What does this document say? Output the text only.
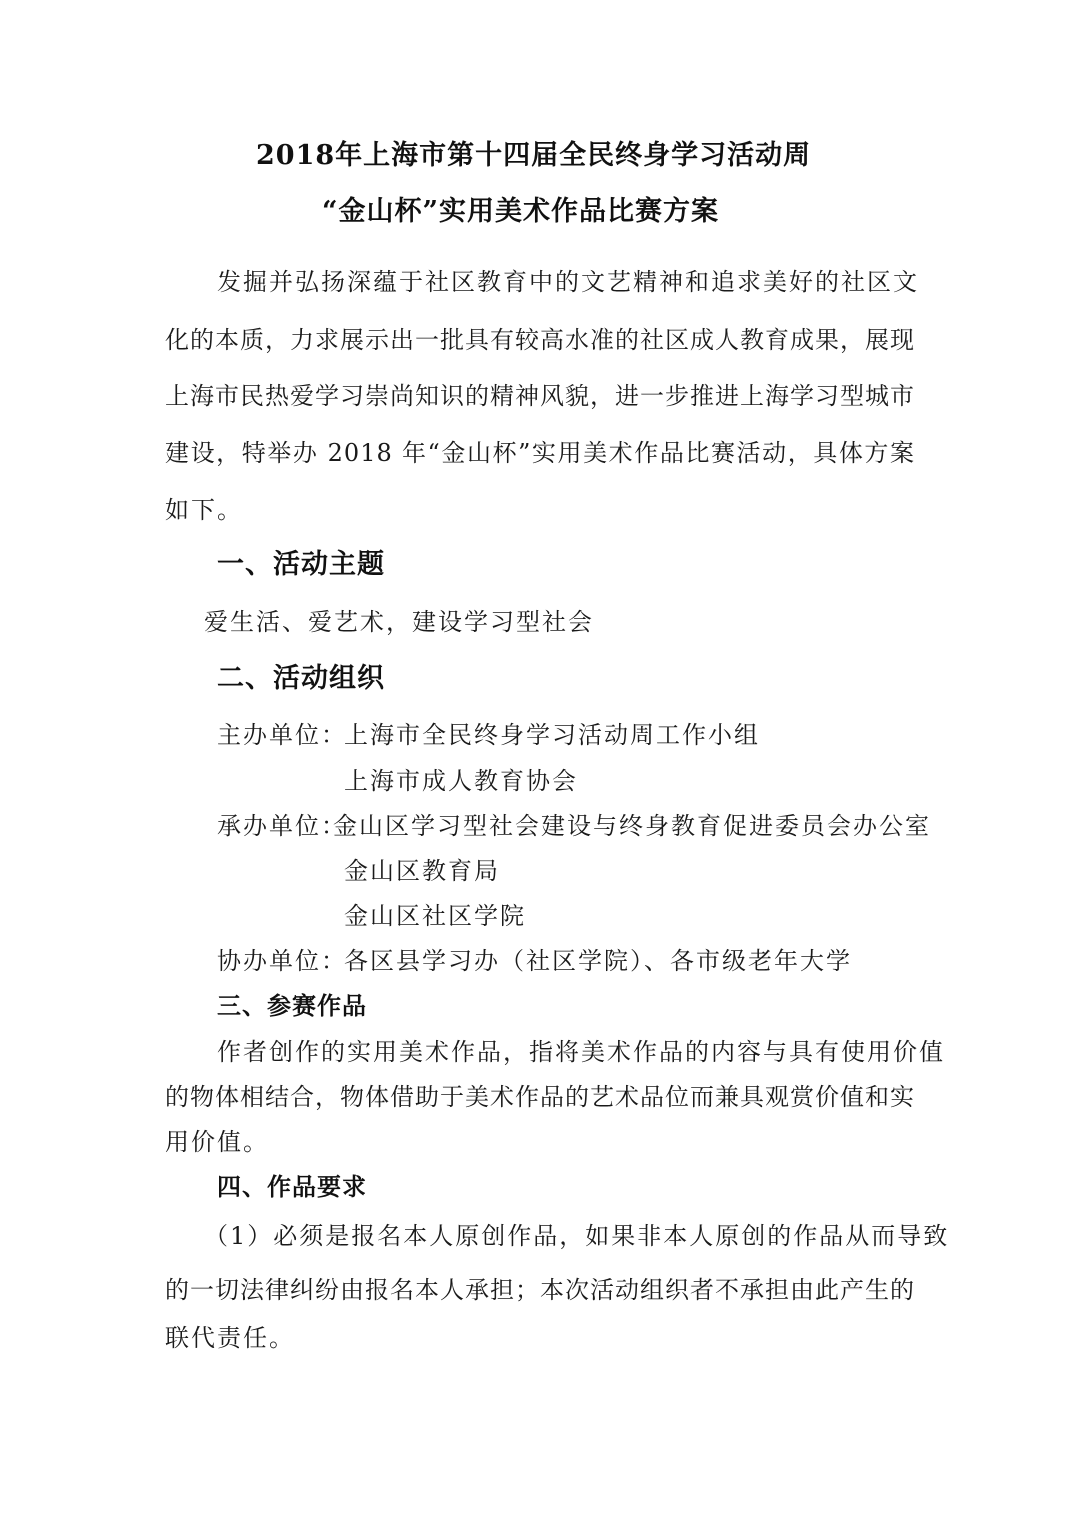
2018年上海市第十四届全民终身学习活动周
“金山杯”实用美术作品比赛方案
发掘并弘扬深蕴于社区教育中的文艺精神和追求美好的社区文
化的本质，力求展示出一批具有较高水准的社区成人教育成果，展现
上海市民热爱学习崇尚知识的精神风貌，进一步推进上海学习型城市
建设，特举办 2018 年“金山杯”实用美术作品比赛活动，具体方案
如下。
一、活动主题
爱生活、爱艺术，建设学习型社会
二、活动组织
主办单位：
上海市全民终身学习活动周工作小组
上海市成人教育协会
承办单位：
金山区学习型社会建设与终身教育促进委员会办公室
金山区教育局
金山区社区学院
协办单位：
各区县学习办（社区学院）、各市级老年大学
三、参赛作品
作者创作的实用美术作品，指将美术作品的内容与具有使用价值
的物体相结合，物体借助于美术作品的艺术品位而兼具观赏价值和实
用价值。
四、作品要求
（1）必须是报名本人原创作品，如果非本人原创的作品从而导致
的一切法律纠纷由报名本人承担；本次活动组织者不承担由此产生的
联代责任。
